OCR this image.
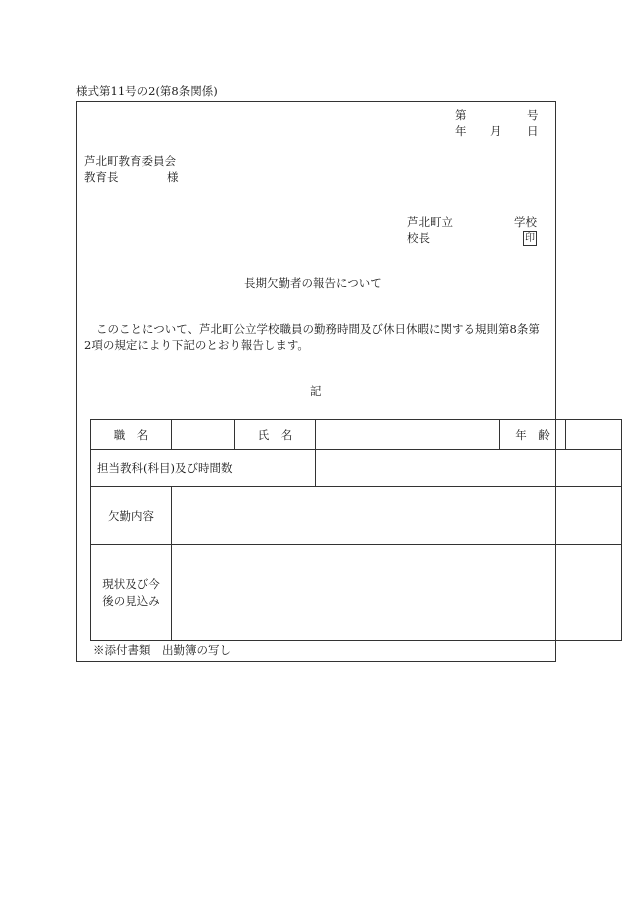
様式第11号の2(第8条関係)
第	号
年 月 日
芦北町教育委員会
教育長	様
芦北町立	学校
校長	印
長期欠勤者の報告について
このことについて、芦北町公立学校職員の勤務時間及び休日休暇に関する規則第8条第
2項の規定により下記のとおり報告します。
記
職　名		氏　名		年　齢	
担当教科(科目)及び時間数					
欠勤内容					
現状及び今
後の見込み					
※添付書類　出勤簿の写し
